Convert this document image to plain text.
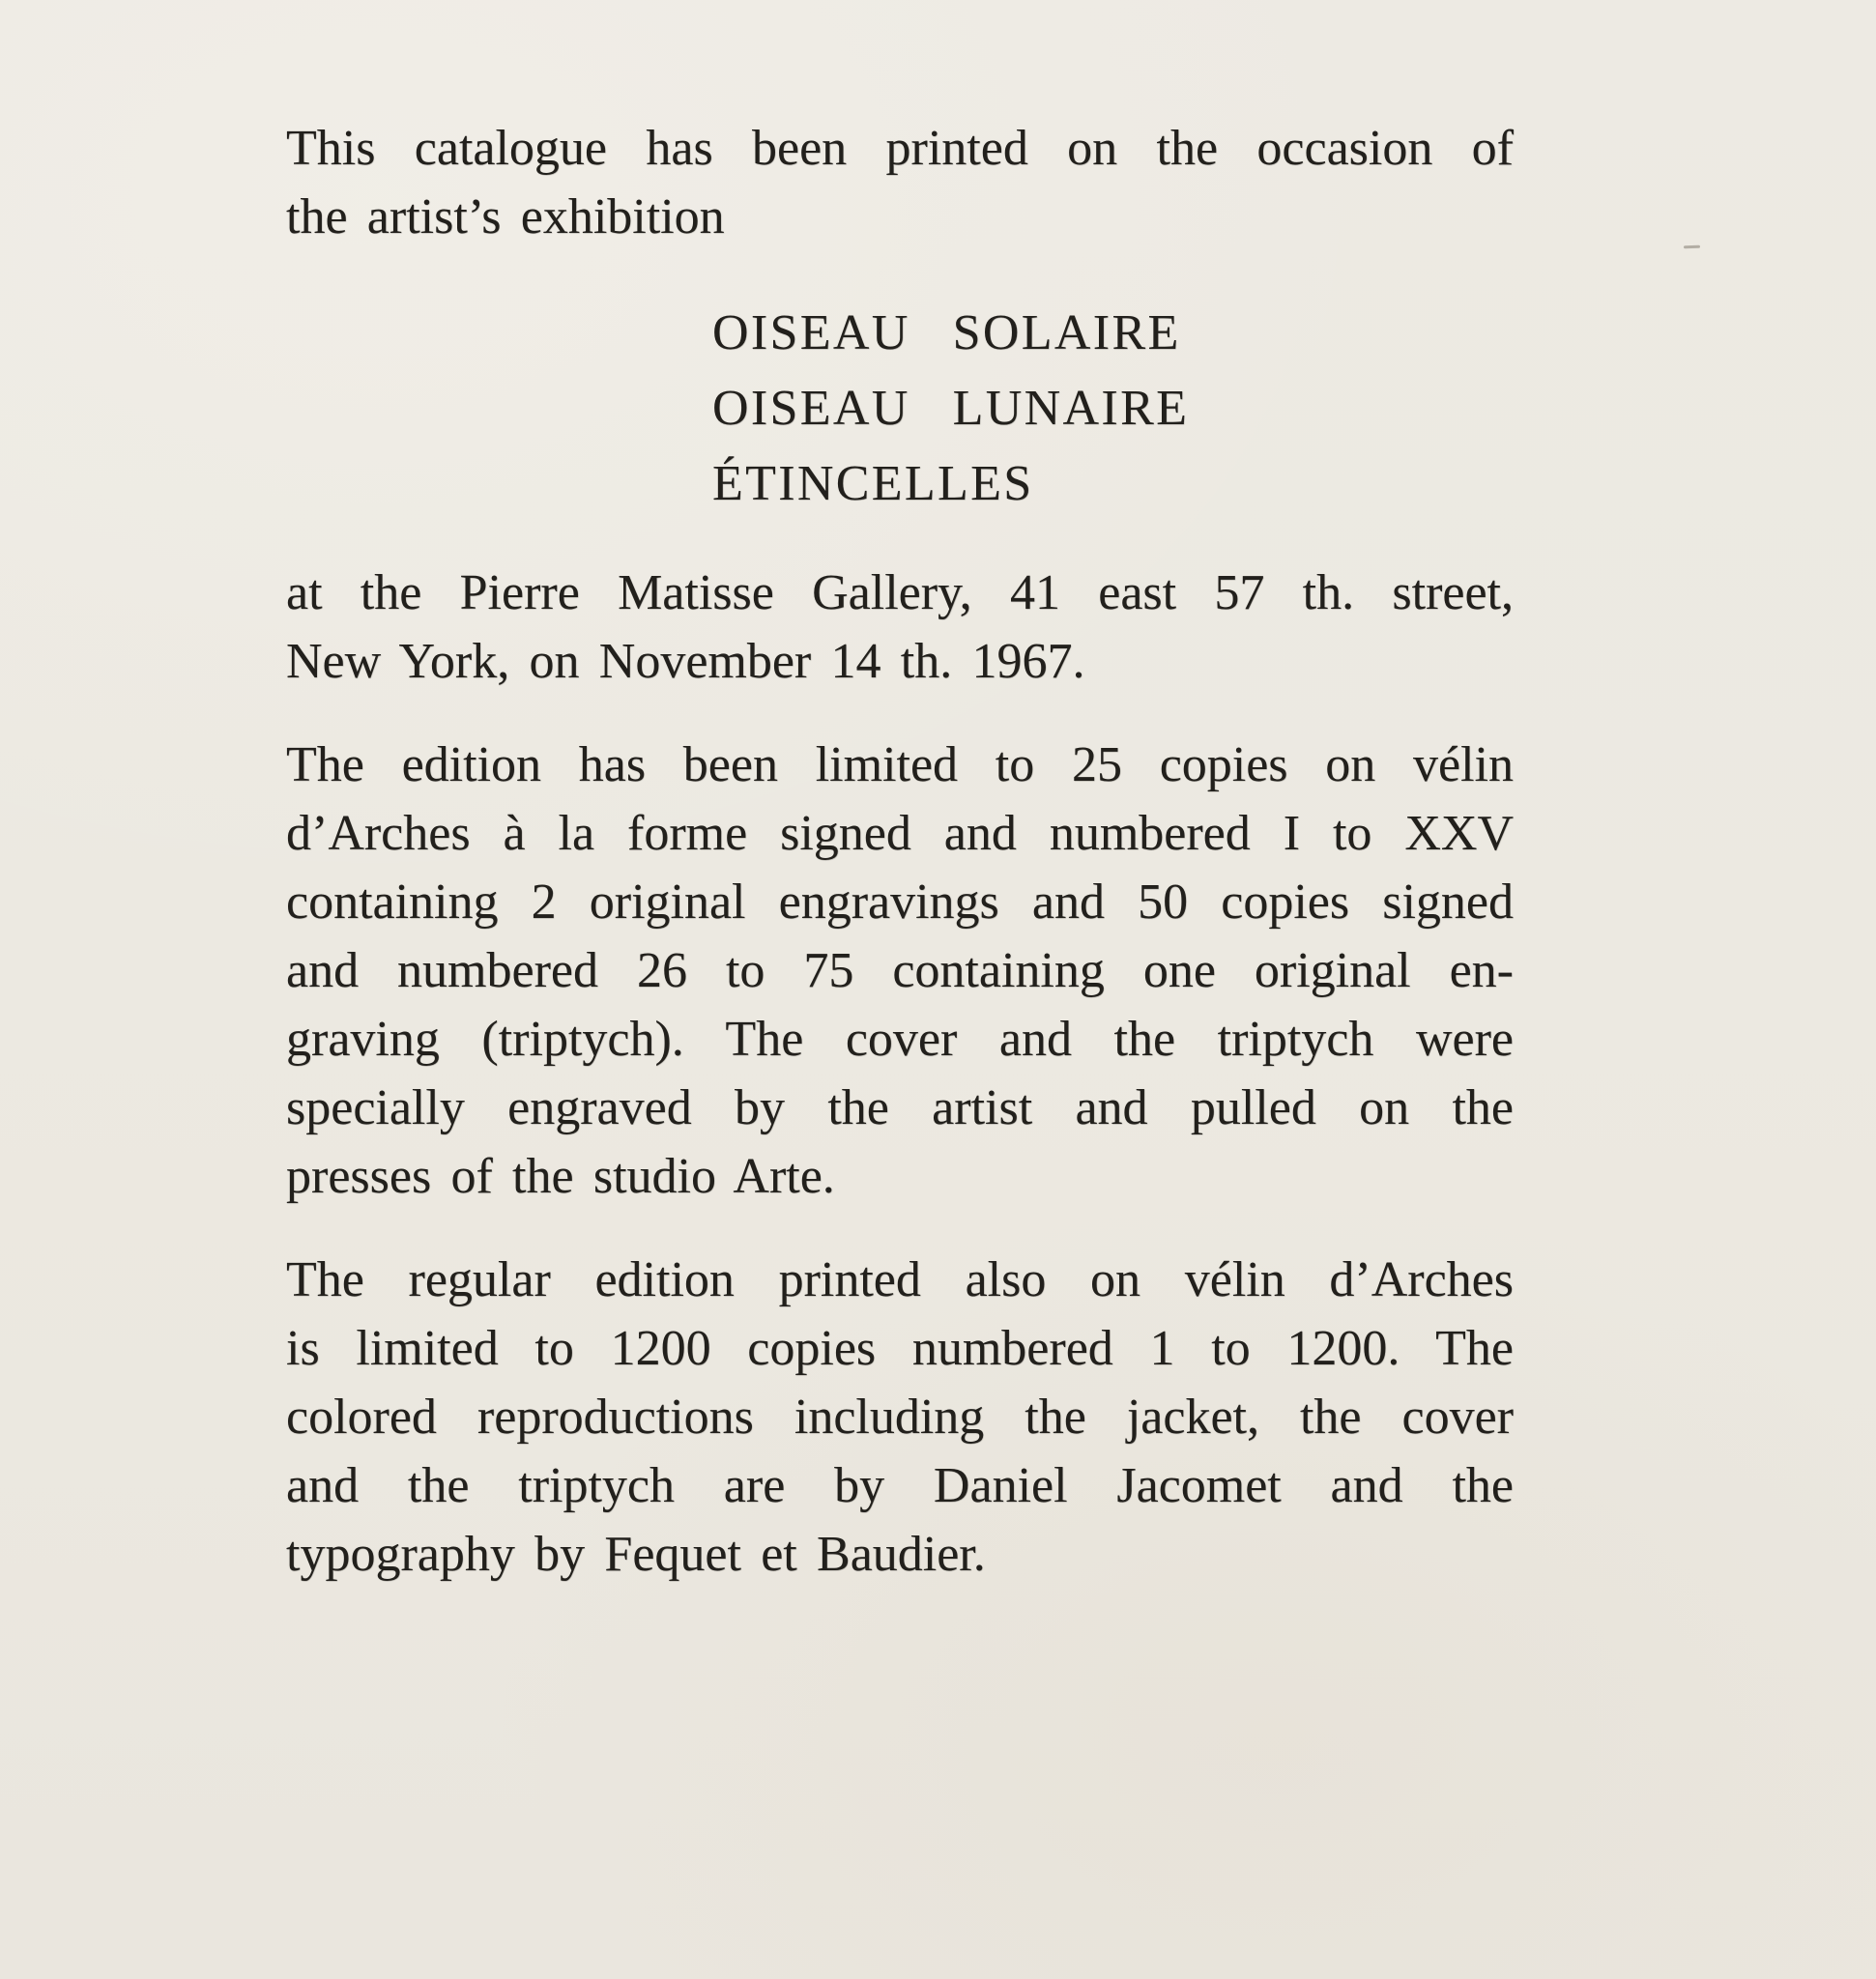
This catalogue has been printed on the occasion of
the artist’s exhibition

OISEAU SOLAIRE
OISEAU LUNAIRE
ÉTINCELLES

at the Pierre Matisse Gallery, 41 east 57 th. street,
New York, on November 14 th. 1967.

The edition has been limited to 25 copies on vélin
d’Arches à la forme signed and numbered I to XXV
containing 2 original engravings and 50 copies signed
and numbered 26 to 75 containing one original en-
graving (triptych). The cover and the triptych were
specially engraved by the artist and pulled on the
presses of the studio Arte.

The regular edition printed also on vélin d’Arches
is limited to 1200 copies numbered 1 to 1200. The
colored reproductions including the jacket, the cover
and the triptych are by Daniel Jacomet and the
typography by Fequet et Baudier.
